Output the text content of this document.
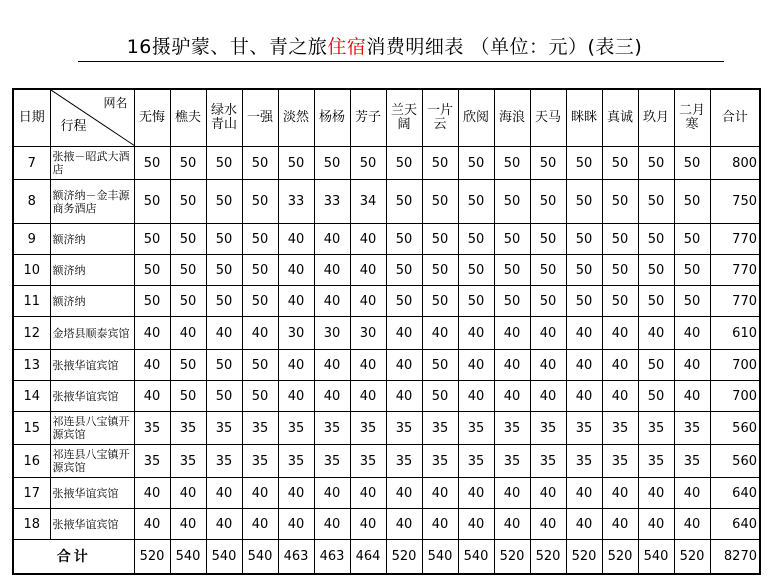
16摄驴蒙、甘、青之旅住宿消费明细表 （单位：元）(表三)
日期	网名
行程	无悔	樵夫	绿水青山	一强	淡然	杨杨	芳子	兰天阔	一片云	欣阅	海浪	天马	眯眯	真诚	玖月	二月寒	合计
7	张掖－昭武大酒店	50	50	50	50	50	50	50	50	50	50	50	50	50	50	50	50	800
8	额济纳－金丰源商务酒店	50	50	50	50	33	33	34	50	50	50	50	50	50	50	50	50	750
9	额济纳	50	50	50	50	40	40	40	50	50	50	50	50	50	50	50	50	770
10	额济纳	50	50	50	50	40	40	40	50	50	50	50	50	50	50	50	50	770
11	额济纳	50	50	50	50	40	40	40	50	50	50	50	50	50	50	50	50	770
12	金塔县顺泰宾馆	40	40	40	40	30	30	30	40	40	40	40	40	40	40	40	40	610
13	张掖华谊宾馆	40	50	50	50	40	40	40	40	50	40	40	40	40	40	50	40	700
14	张掖华谊宾馆	40	50	50	50	40	40	40	40	50	40	40	40	40	40	50	40	700
15	祁连县八宝镇开源宾馆	35	35	35	35	35	35	35	35	35	35	35	35	35	35	35	35	560
16	祁连县八宝镇开源宾馆	35	35	35	35	35	35	35	35	35	35	35	35	35	35	35	35	560
17	张掖华谊宾馆	40	40	40	40	40	40	40	40	40	40	40	40	40	40	40	40	640
18	张掖华谊宾馆	40	40	40	40	40	40	40	40	40	40	40	40	40	40	40	40	640
合计		520	540	540	540	463	463	464	520	540	540	520	520	520	520	540	520	8270
